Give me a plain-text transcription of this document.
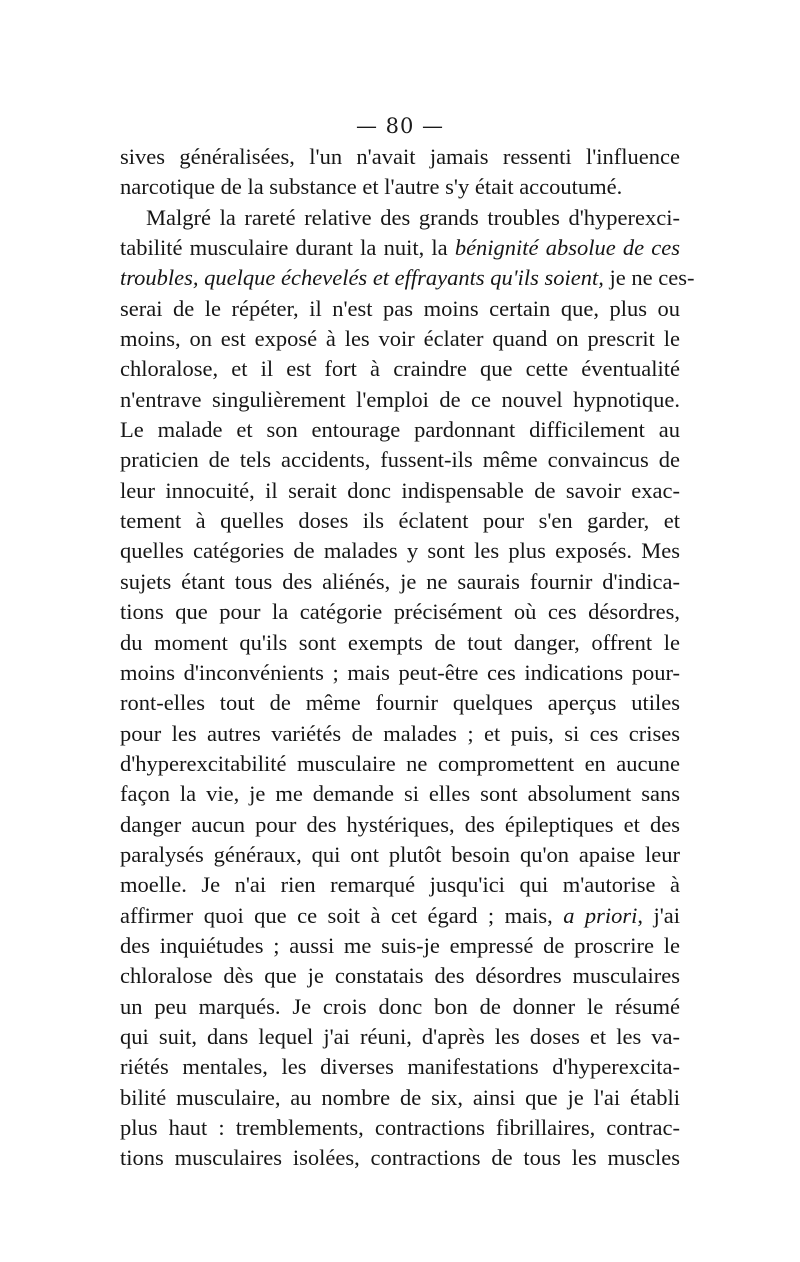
— 80 —
sives généralisées, l'un n'avait jamais ressenti l'influence
narcotique de la substance et l'autre s'y était accoutumé.
Malgré la rareté relative des grands troubles d'hyperexci-
tabilité musculaire durant la nuit, la bénignité absolue de ces
troubles, quelque échevelés et effrayants qu'ils soient, je ne ces-
serai de le répéter, il n'est pas moins certain que, plus ou
moins, on est exposé à les voir éclater quand on prescrit le
chloralose, et il est fort à craindre que cette éventualité
n'entrave singulièrement l'emploi de ce nouvel hypnotique.
Le malade et son entourage pardonnant difficilement au
praticien de tels accidents, fussent-ils même convaincus de
leur innocuité, il serait donc indispensable de savoir exac-
tement à quelles doses ils éclatent pour s'en garder, et
quelles catégories de malades y sont les plus exposés. Mes
sujets étant tous des aliénés, je ne saurais fournir d'indica-
tions que pour la catégorie précisément où ces désordres,
du moment qu'ils sont exempts de tout danger, offrent le
moins d'inconvénients ; mais peut-être ces indications pour-
ront-elles tout de même fournir quelques aperçus utiles
pour les autres variétés de malades ; et puis, si ces crises
d'hyperexcitabilité musculaire ne compromettent en aucune
façon la vie, je me demande si elles sont absolument sans
danger aucun pour des hystériques, des épileptiques et des
paralysés généraux, qui ont plutôt besoin qu'on apaise leur
moelle. Je n'ai rien remarqué jusqu'ici qui m'autorise à
affirmer quoi que ce soit à cet égard ; mais, a priori, j'ai
des inquiétudes ; aussi me suis-je empressé de proscrire le
chloralose dès que je constatais des désordres musculaires
un peu marqués. Je crois donc bon de donner le résumé
qui suit, dans lequel j'ai réuni, d'après les doses et les va-
riétés mentales, les diverses manifestations d'hyperexcita-
bilité musculaire, au nombre de six, ainsi que je l'ai établi
plus haut : tremblements, contractions fibrillaires, contrac-
tions musculaires isolées, contractions de tous les muscles
